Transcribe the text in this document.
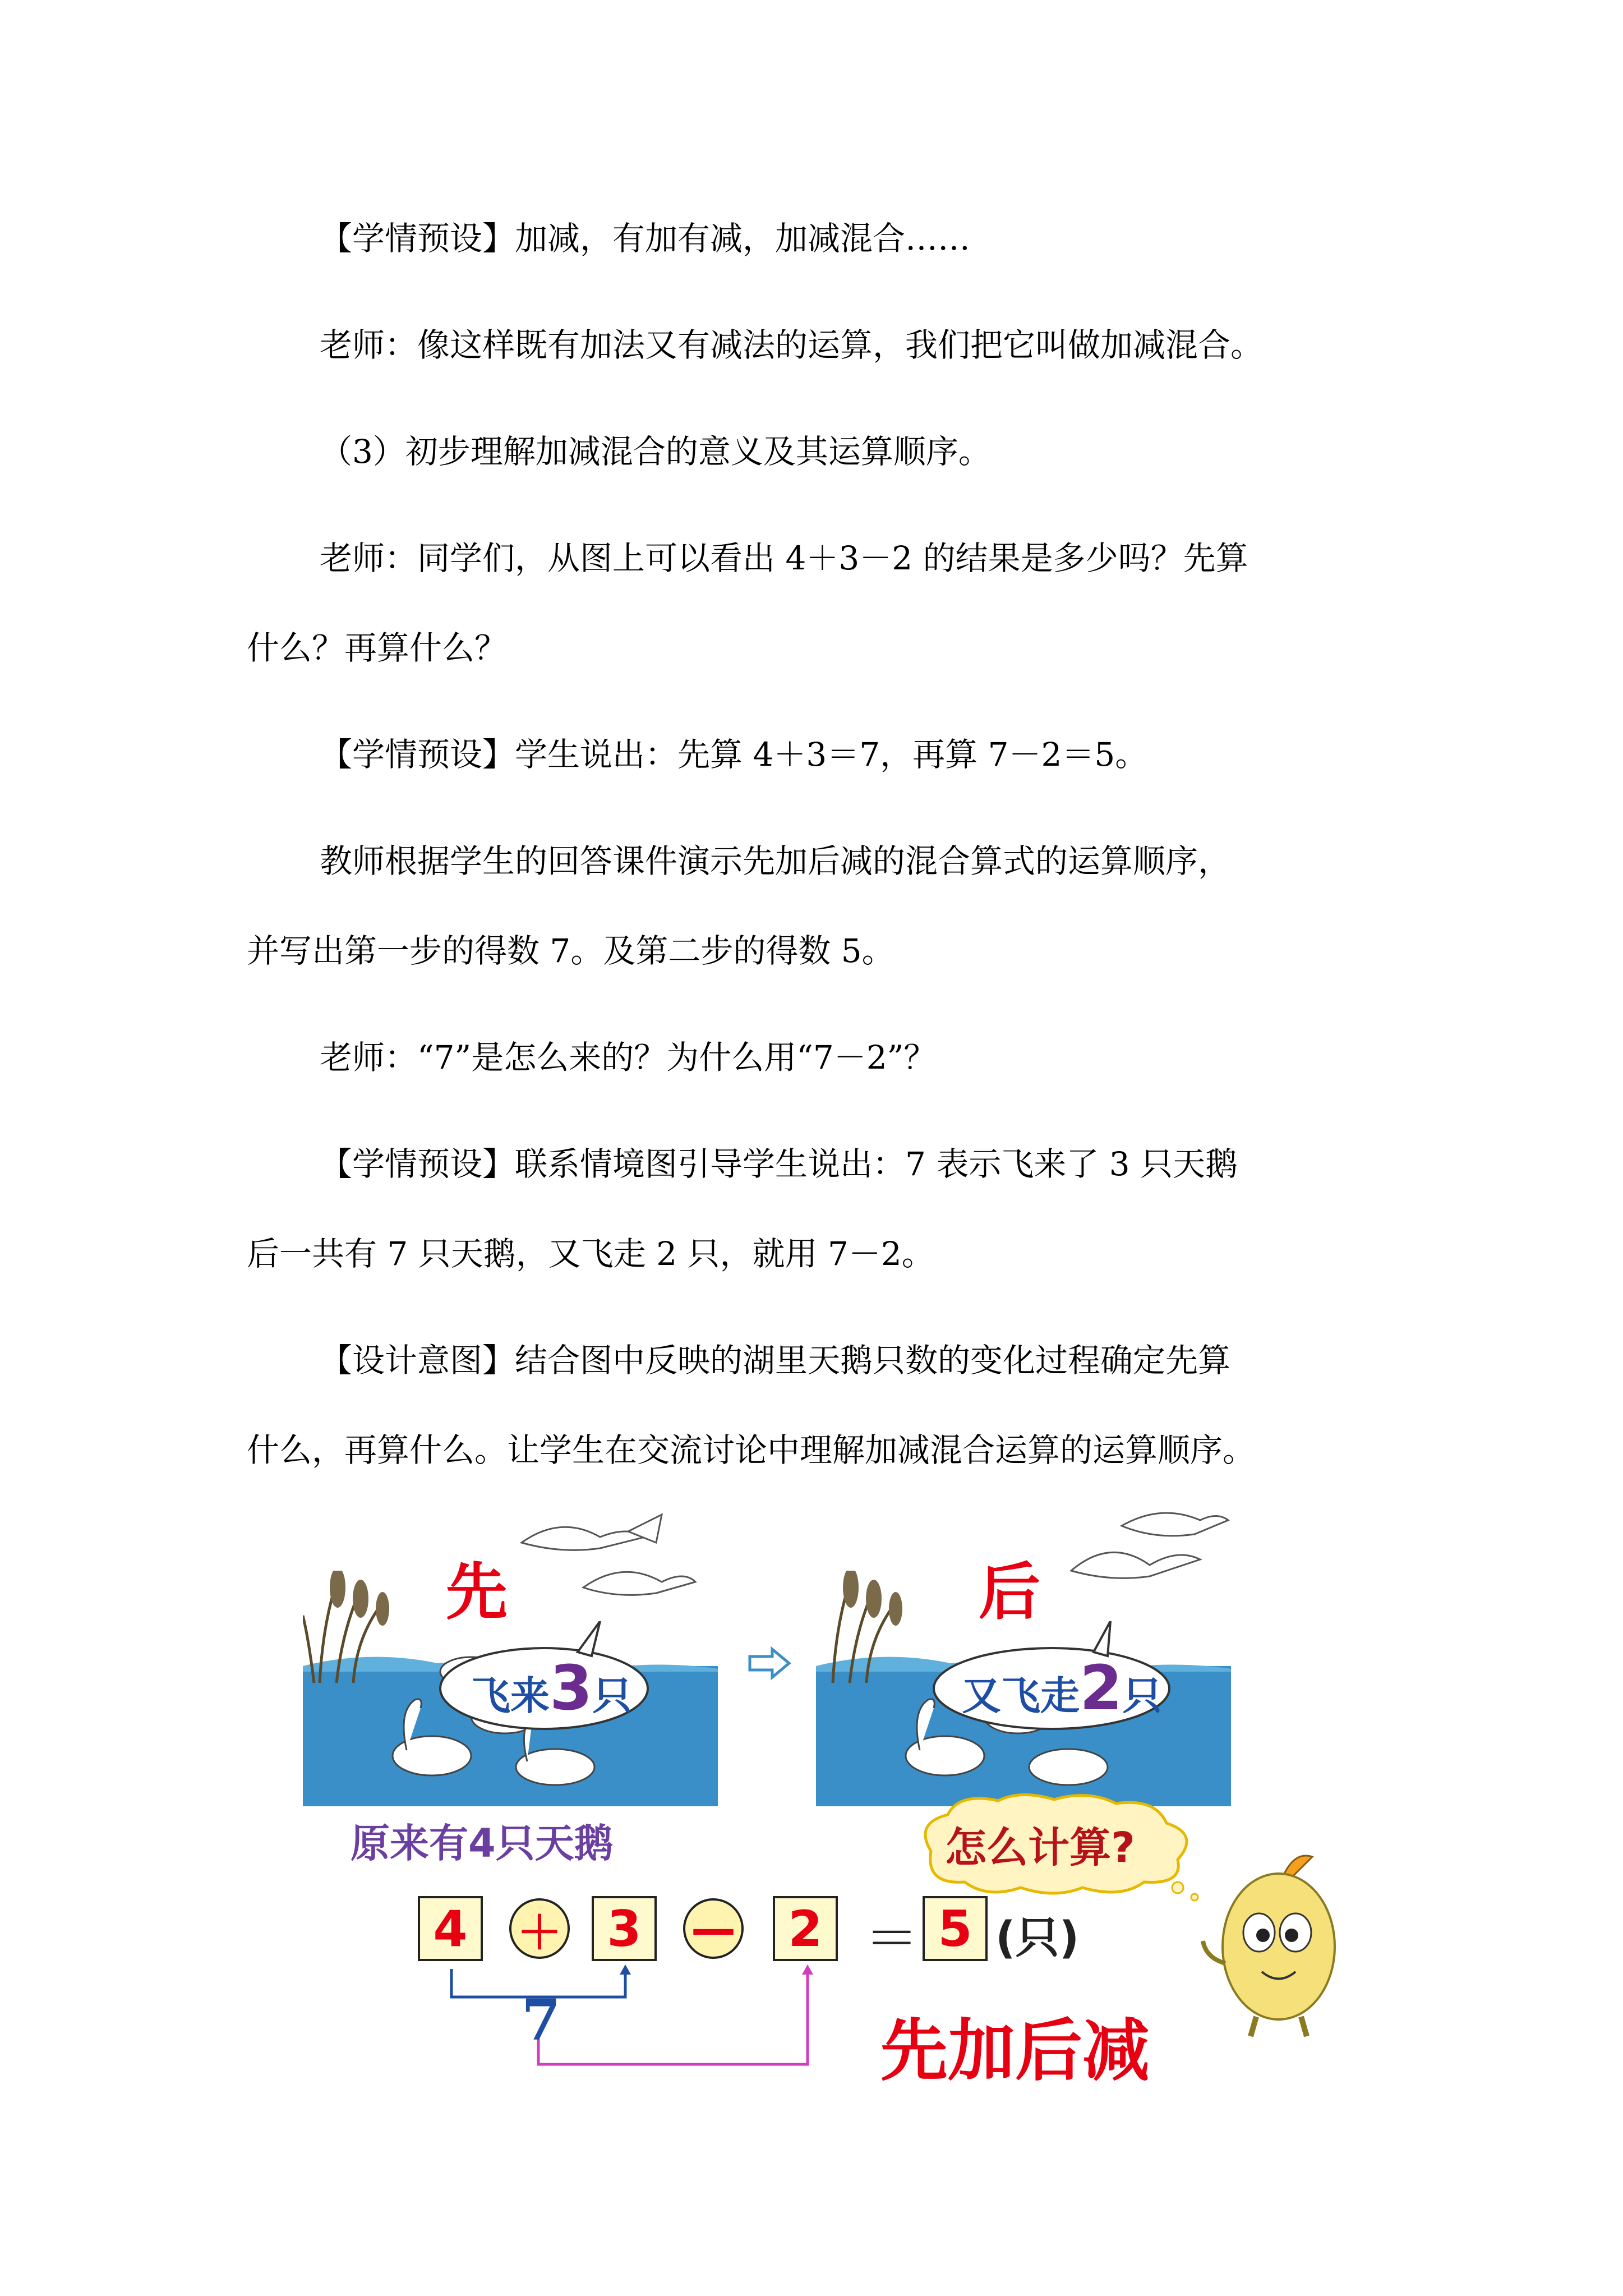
【学情预设】加减，有加有减，加减混合……

老师：像这样既有加法又有减法的运算，我们把它叫做加减混合。

（3）初步理解加减混合的意义及其运算顺序。

老师：同学们，从图上可以看出 4＋3－2 的结果是多少吗？先算

什么？再算什么？

【学情预设】学生说出：先算 4＋3＝7，再算 7－2＝5。

教师根据学生的回答课件演示先加后减的混合算式的运算顺序，

并写出第一步的得数 7。及第二步的得数 5。

老师：“7”是怎么来的？为什么用“7－2”？

【学情预设】联系情境图引导学生说出：7 表示飞来了 3 只天鹅

后一共有 7 只天鹅，又飞走 2 只，就用 7－2。

【设计意图】结合图中反映的湖里天鹅只数的变化过程确定先算

什么，再算什么。让学生在交流讨论中理解加减混合运算的运算顺序。

先
飞来3只
后
又飞走2只
原来有4只天鹅	怎么计算?
4	＋ 3	—	2 ＝ 5 (只)
7	先加后减
